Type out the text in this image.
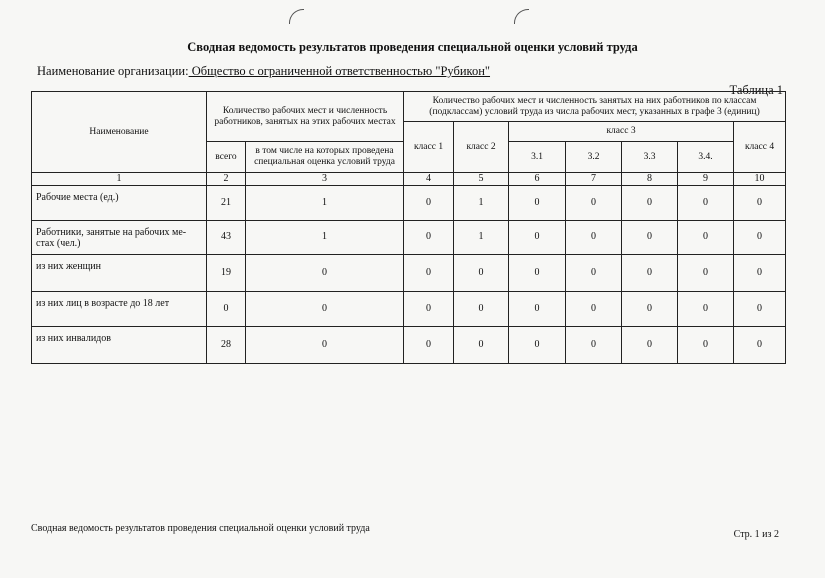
Сводная ведомость результатов проведения специальной оценки условий труда
Наименование организации: Общество с ограниченной ответственностью "Рубикон"
Таблица 1
Наименование	Количество рабочих мест и численность работников, занятых на этих рабочих местах		Количество рабочих мест и численность занятых на них работников по классам (подклассам) условий труда из числа рабочих мест, указанных в графе 3 (единиц)						
			класс 1	класс 2	класс 3				класс 4
	всего	в том числе на которых проведена специальная оценка условий труда			3.1	3.2	3.3	3.4.	
1	2	3	4	5	6	7	8	9	10
Рабочие места (ед.)	21	1	0	1	0	0	0	0	0
Работники, занятые на рабочих ме-стах (чел.)	43	1	0	1	0	0	0	0	0
из них женщин	19	0	0	0	0	0	0	0	0
из них лиц в возрасте до 18 лет	0	0	0	0	0	0	0	0	0
из них инвалидов	28	0	0	0	0	0	0	0	0
Сводная ведомость результатов проведения специальной оценки условий труда
Стр. 1 из 2
